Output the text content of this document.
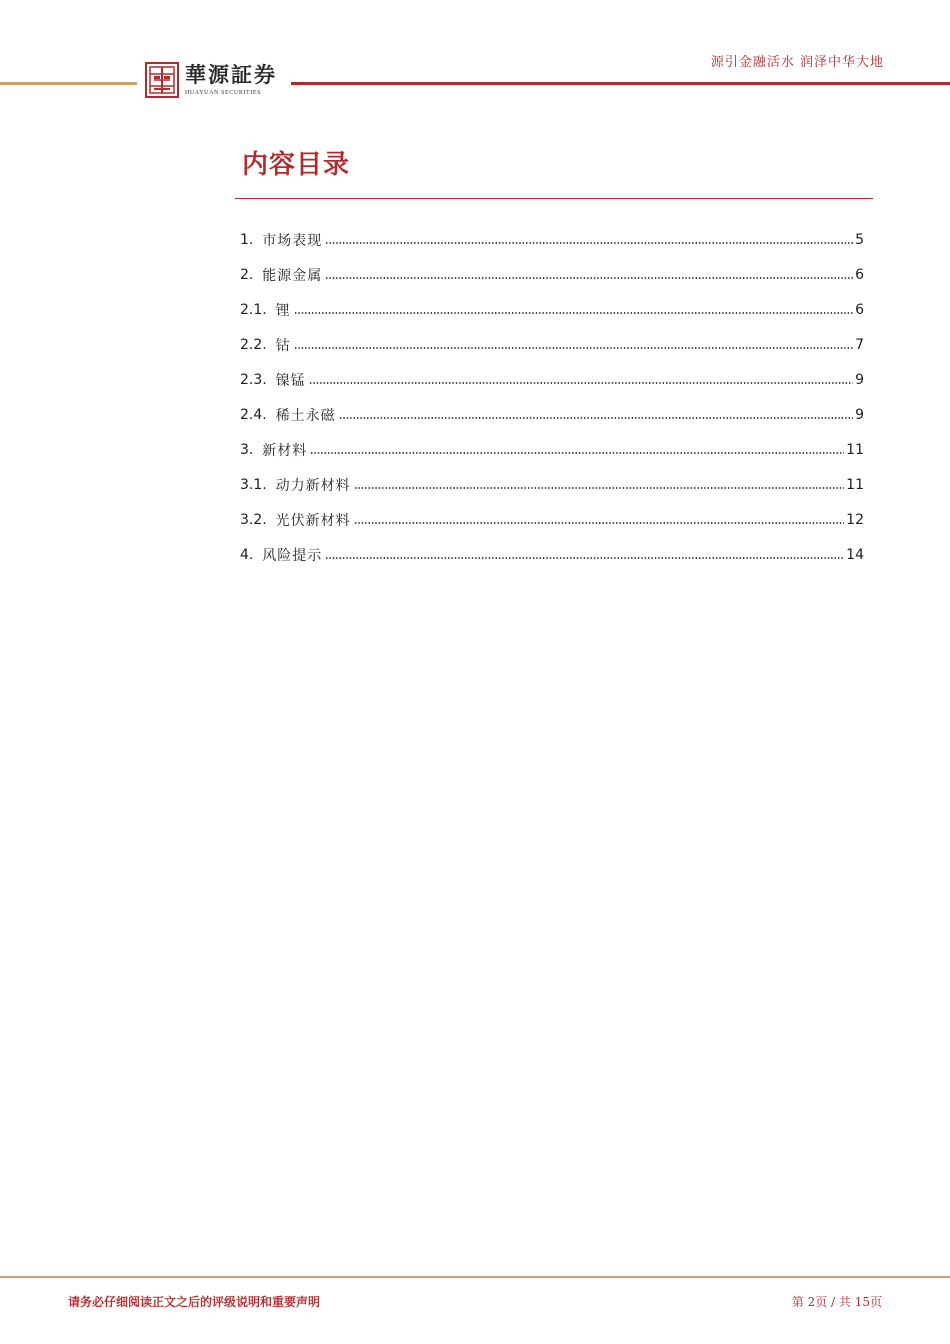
源引金融活水 润泽中华大地
華源証券
HUAYUAN SECURITIES
内容目录
1. 市场表现	5
2. 能源金属	6
2.1. 锂	6
2.2. 钴	7
2.3. 镍锰	9
2.4. 稀土永磁	9
3. 新材料	11
3.1. 动力新材料	11
3.2. 光伏新材料	12
4. 风险提示	14
请务必仔细阅读正文之后的评级说明和重要声明	第 2页 / 共 15页
